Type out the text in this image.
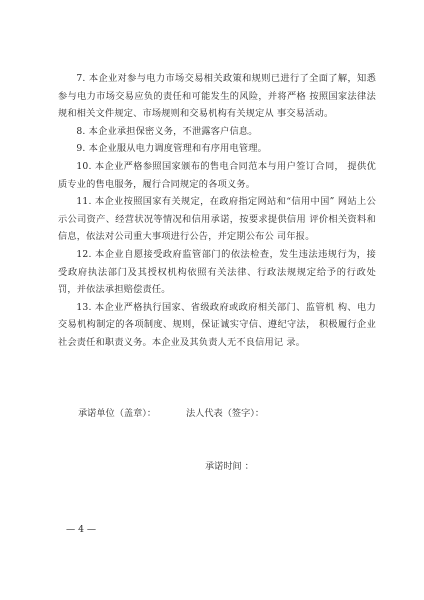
7. 本企业对参与电力市场交易相关政策和规则已进行了全面了解，知悉参与电力市场交易应负的责任和可能发生的风险，并将严格 按照国家法律法规和相关文件规定、市场规则和交易机构有关规定从 事交易活动。

8. 本企业承担保密义务，不泄露客户信息。

9. 本企业服从电力调度管理和有序用电管理。

10. 本企业严格参照国家颁布的售电合同范本与用户签订合同， 提供优质专业的售电服务，履行合同规定的各项义务。

11. 本企业按照国家有关规定，在政府指定网站和“信用中国” 网站上公示公司资产、经营状况等情况和信用承诺，按要求提供信用 评价相关资料和信息，依法对公司重大事项进行公告，并定期公布公 司年报。

12. 本企业自愿接受政府监管部门的依法检查，发生违法违规行为，接受政府执法部门及其授权机构依照有关法律、行政法规规定给予的行政处罚，并依法承担赔偿责任。

13. 本企业严格执行国家、省级政府或政府相关部门、监管机 构、电力交易机构制定的各项制度、规则，保证诚实守信、遵纪守法， 积极履行企业社会责任和职责义务。本企业及其负责人无不良信用记 录。

承诺单位（盖章）：	法人代表（签字）：
承诺时间 ：
— 4 —
